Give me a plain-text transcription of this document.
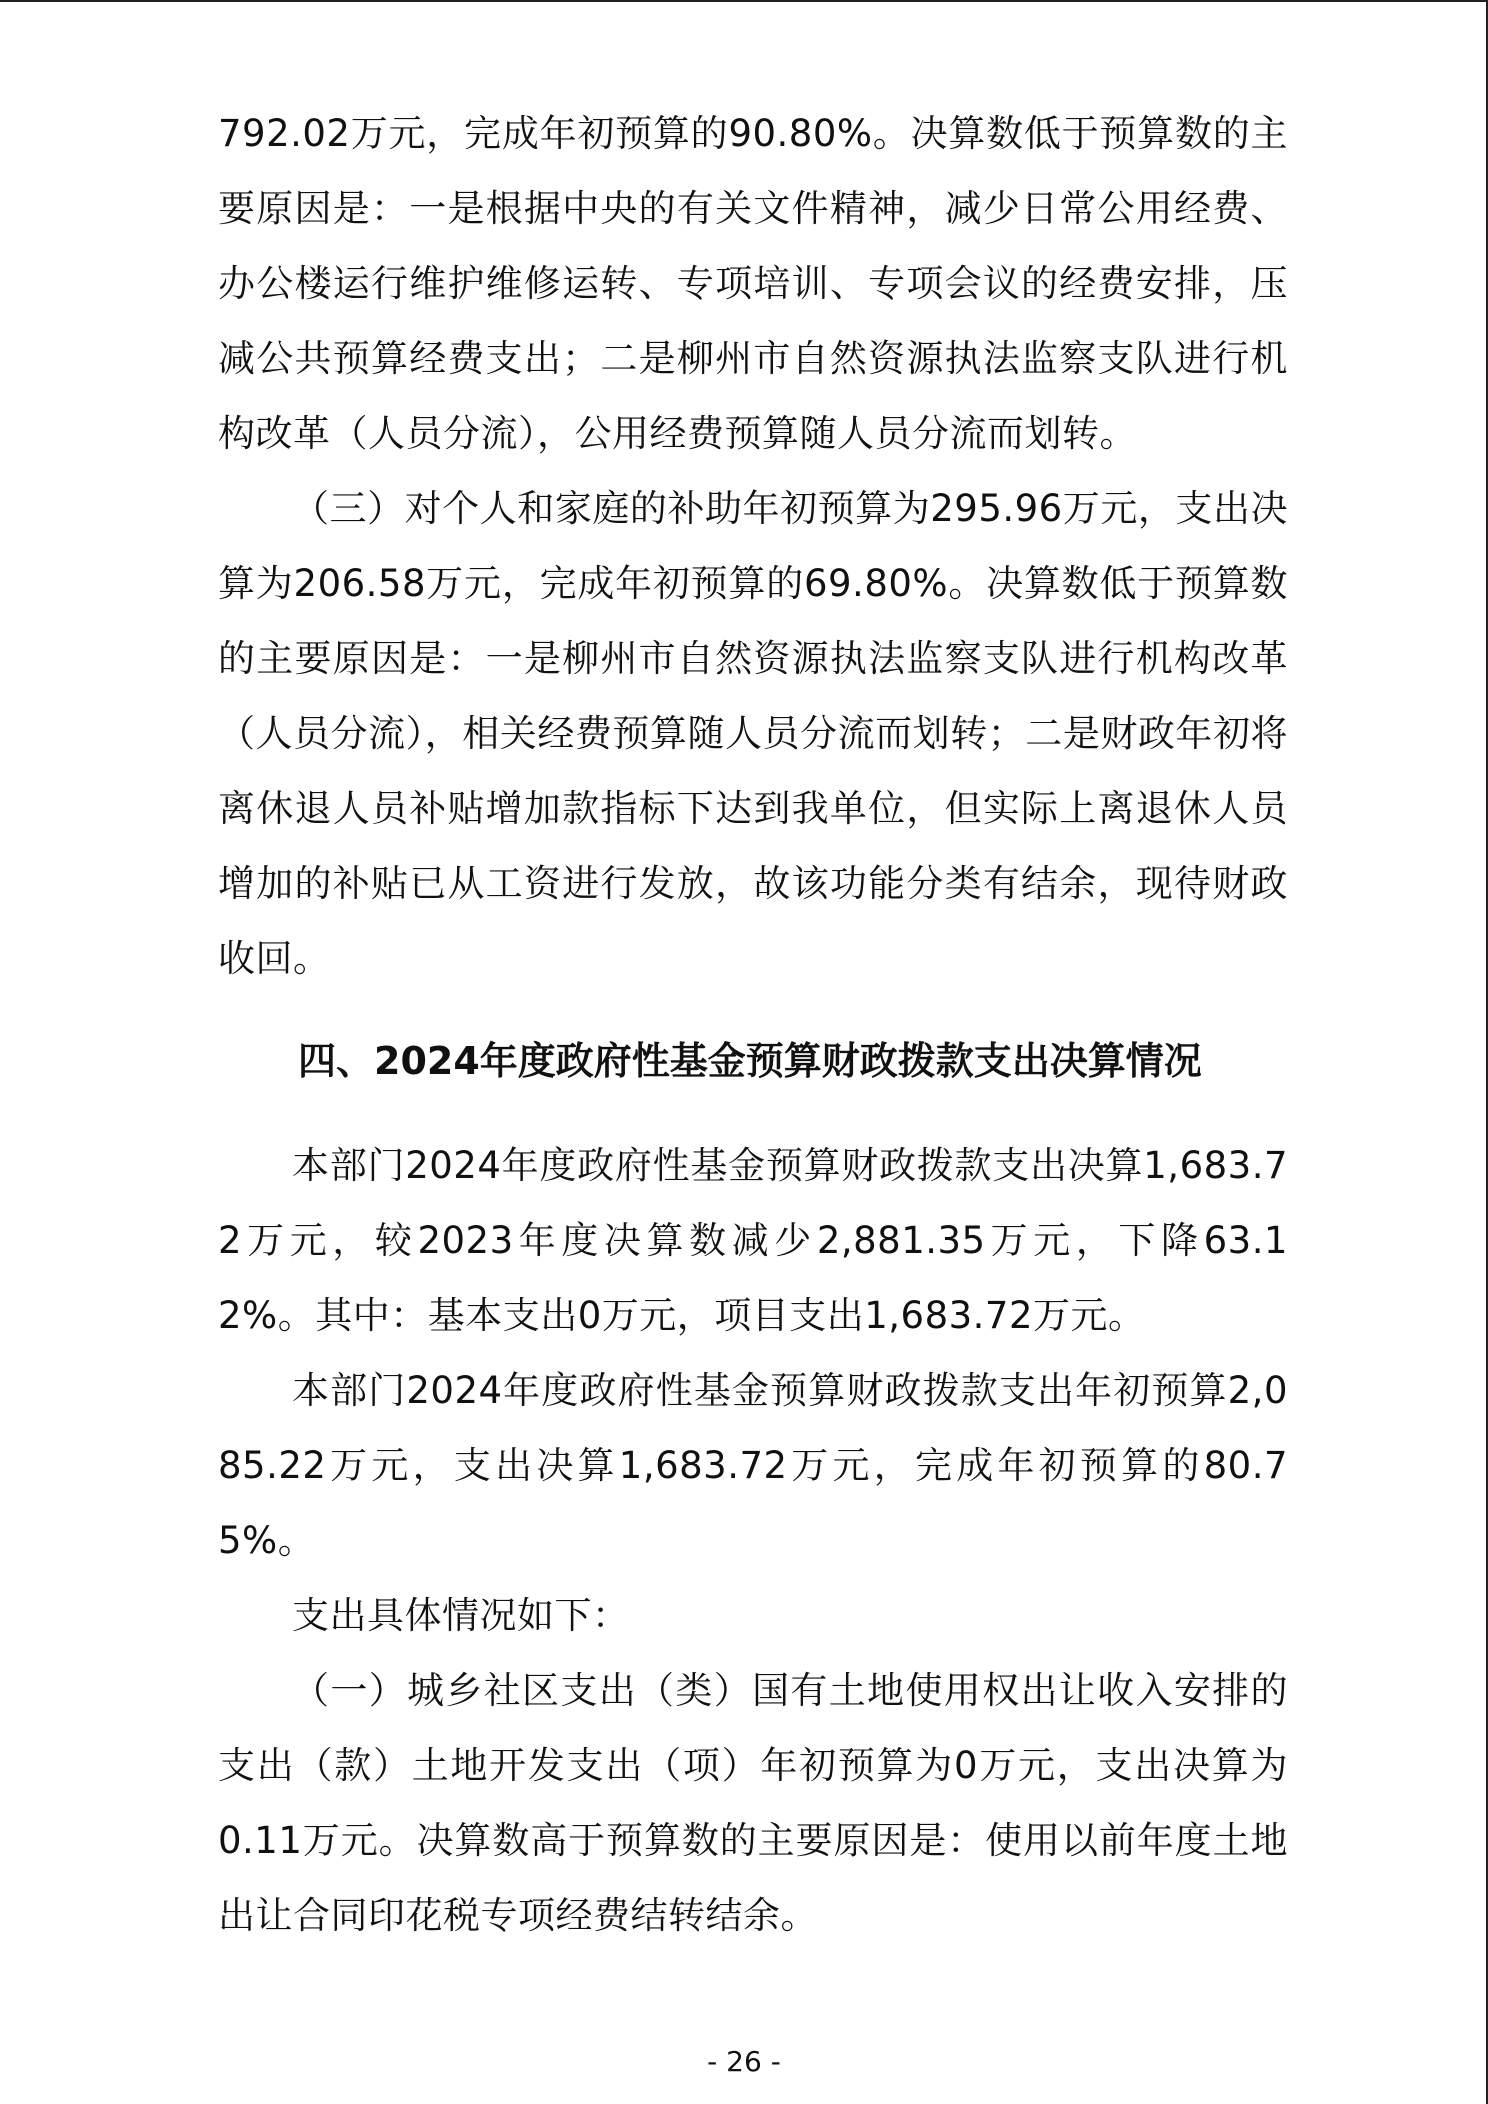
792.02万元，完成年初预算的90.80%。决算数低于预算数的主要原因是：一是根据中央的有关文件精神，减少日常公用经费、办公楼运行维护维修运转、专项培训、专项会议的经费安排，压减公共预算经费支出；二是柳州市自然资源执法监察支队进行机构改革（人员分流），公用经费预算随人员分流而划转。

（三）对个人和家庭的补助年初预算为295.96万元，支出决算为206.58万元，完成年初预算的69.80%。决算数低于预算数的主要原因是：一是柳州市自然资源执法监察支队进行机构改革（人员分流），相关经费预算随人员分流而划转；二是财政年初将离休退人员补贴增加款指标下达到我单位，但实际上离退休人员增加的补贴已从工资进行发放，故该功能分类有结余，现待财政收回。

四、2024年度政府性基金预算财政拨款支出决算情况

本部门2024年度政府性基金预算财政拨款支出决算1,683.72万元，较2023年度决算数减少2,881.35万元，下降63.12%。其中：基本支出0万元，项目支出1,683.72万元。

本部门2024年度政府性基金预算财政拨款支出年初预算2,085.22万元，支出决算1,683.72万元，完成年初预算的80.75%。

支出具体情况如下：

（一）城乡社区支出（类）国有土地使用权出让收入安排的支出（款）土地开发支出（项）年初预算为0万元，支出决算为0.11万元。决算数高于预算数的主要原因是：使用以前年度土地出让合同印花税专项经费结转结余。

- 26 -
